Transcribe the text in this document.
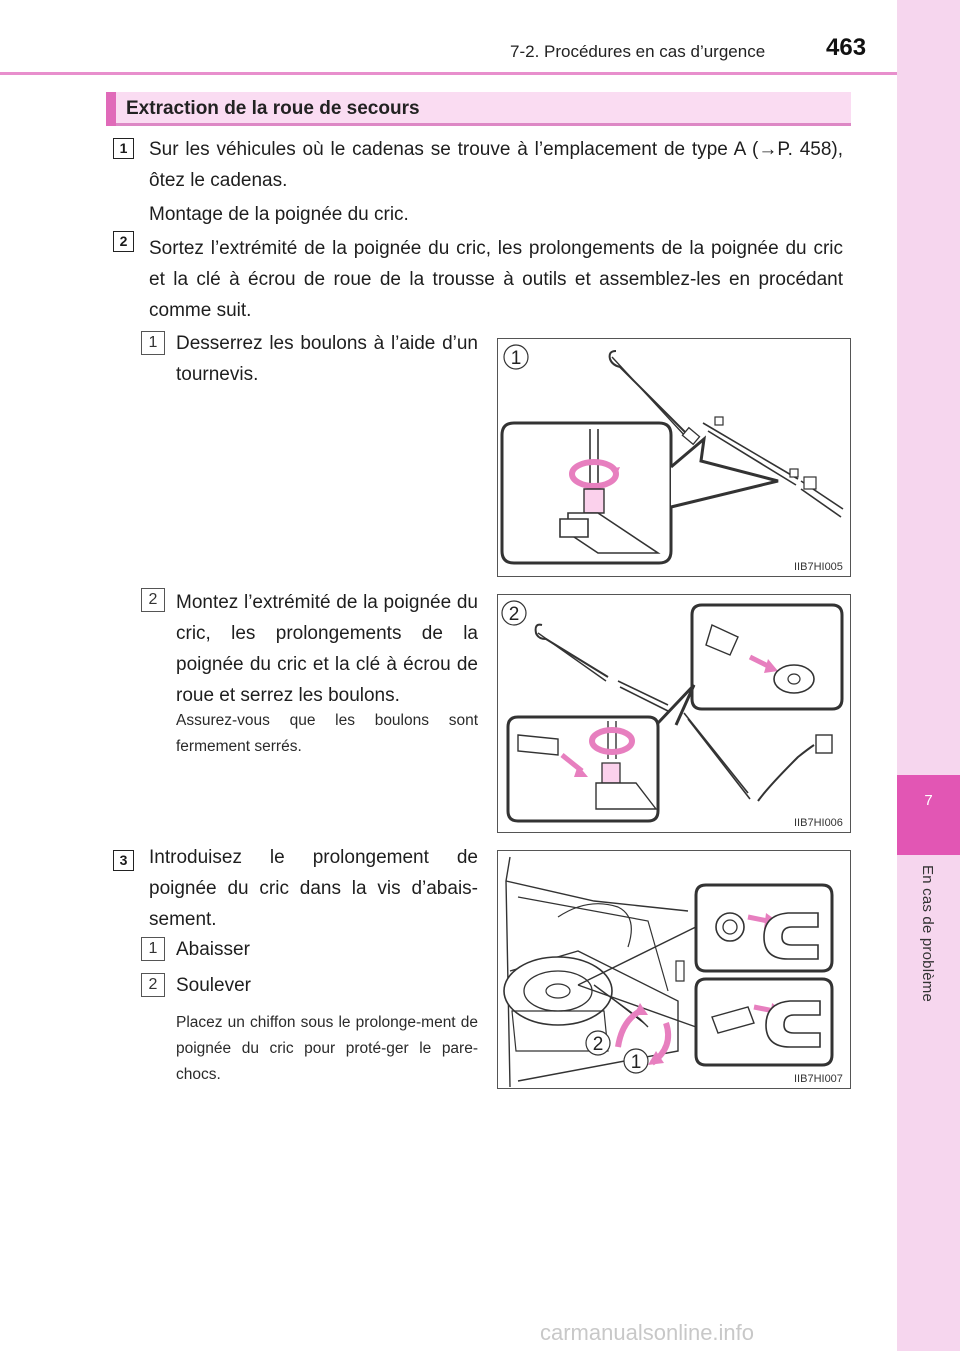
7-2. Procédures en cas d’urgence	463
7
En cas de problème
Extraction de la roue de secours
1	Sur les véhicules où le cadenas se trouve à l’emplacement de type A (→P. 458), ôtez le cadenas.
2
Montage de la poignée du cric.
Sortez l’extrémité de la poignée du cric, les prolongements de la poignée du cric et la clé à écrou de roue de la trousse à outils et assemblez-les en procédant comme suit.
1 Desserrez les boulons à l’aide d’un tournevis.
1
IIB7HI005
2 Montez l’extrémité de la poignée du cric, les prolongements de la poignée du cric et la clé à écrou de roue et serrez les boulons.
Assurez-vous que les boulons sont fermement serrés.
2
IIB7HI006
3	Introduisez le prolongement de poignée du cric dans la vis d’abais-sement.
1 Abaisser
2 Soulever
Placez un chiffon sous le prolonge-ment de poignée du cric pour proté-ger le pare-chocs.
2
1
IIB7HI007
carmanualsonline.info
